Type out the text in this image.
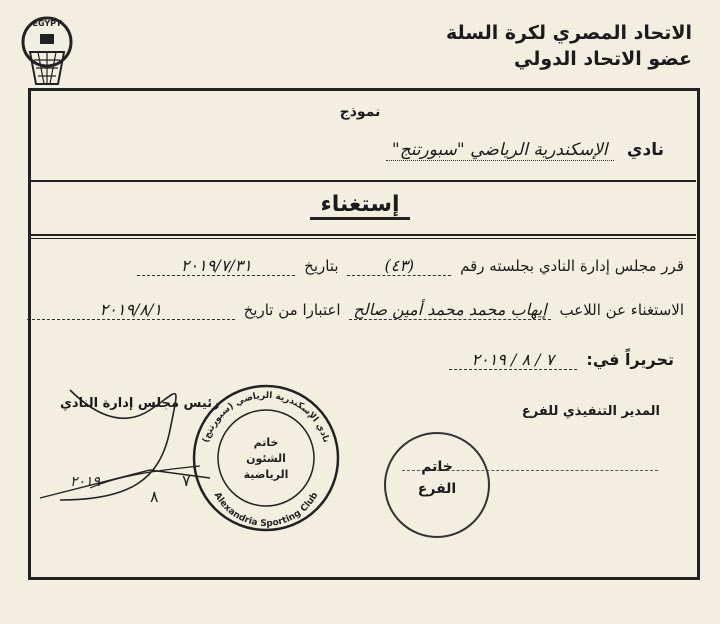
EGYPT	الاتحاد المصري لكرة السلة
عضو الاتحاد الدولي
نموذج
نادي الإسكندرية الرياضي "سبورتنج"
إستغناء
قرر مجلس إدارة النادي بجلسته رقم (٤٣) بتاريخ ٢٠١٩/٧/٣١
الاستغناء عن اللاعب إيهاب محمد محمد أمين صالح اعتبارا من تاريخ ٢٠١٩/٨/١
تحريراً في: ٧ / ٨ / ٢٠١٩
المدير التنفيذي للفرع
رئيس مجلس إدارة النادي
خاتم
الفرع
٢٠١٩
٨
٧
نادي الإسكندرية الرياضي (سبورتنج)
Alexandria Sporting Club
خاتم
الشئون
الرياضية
